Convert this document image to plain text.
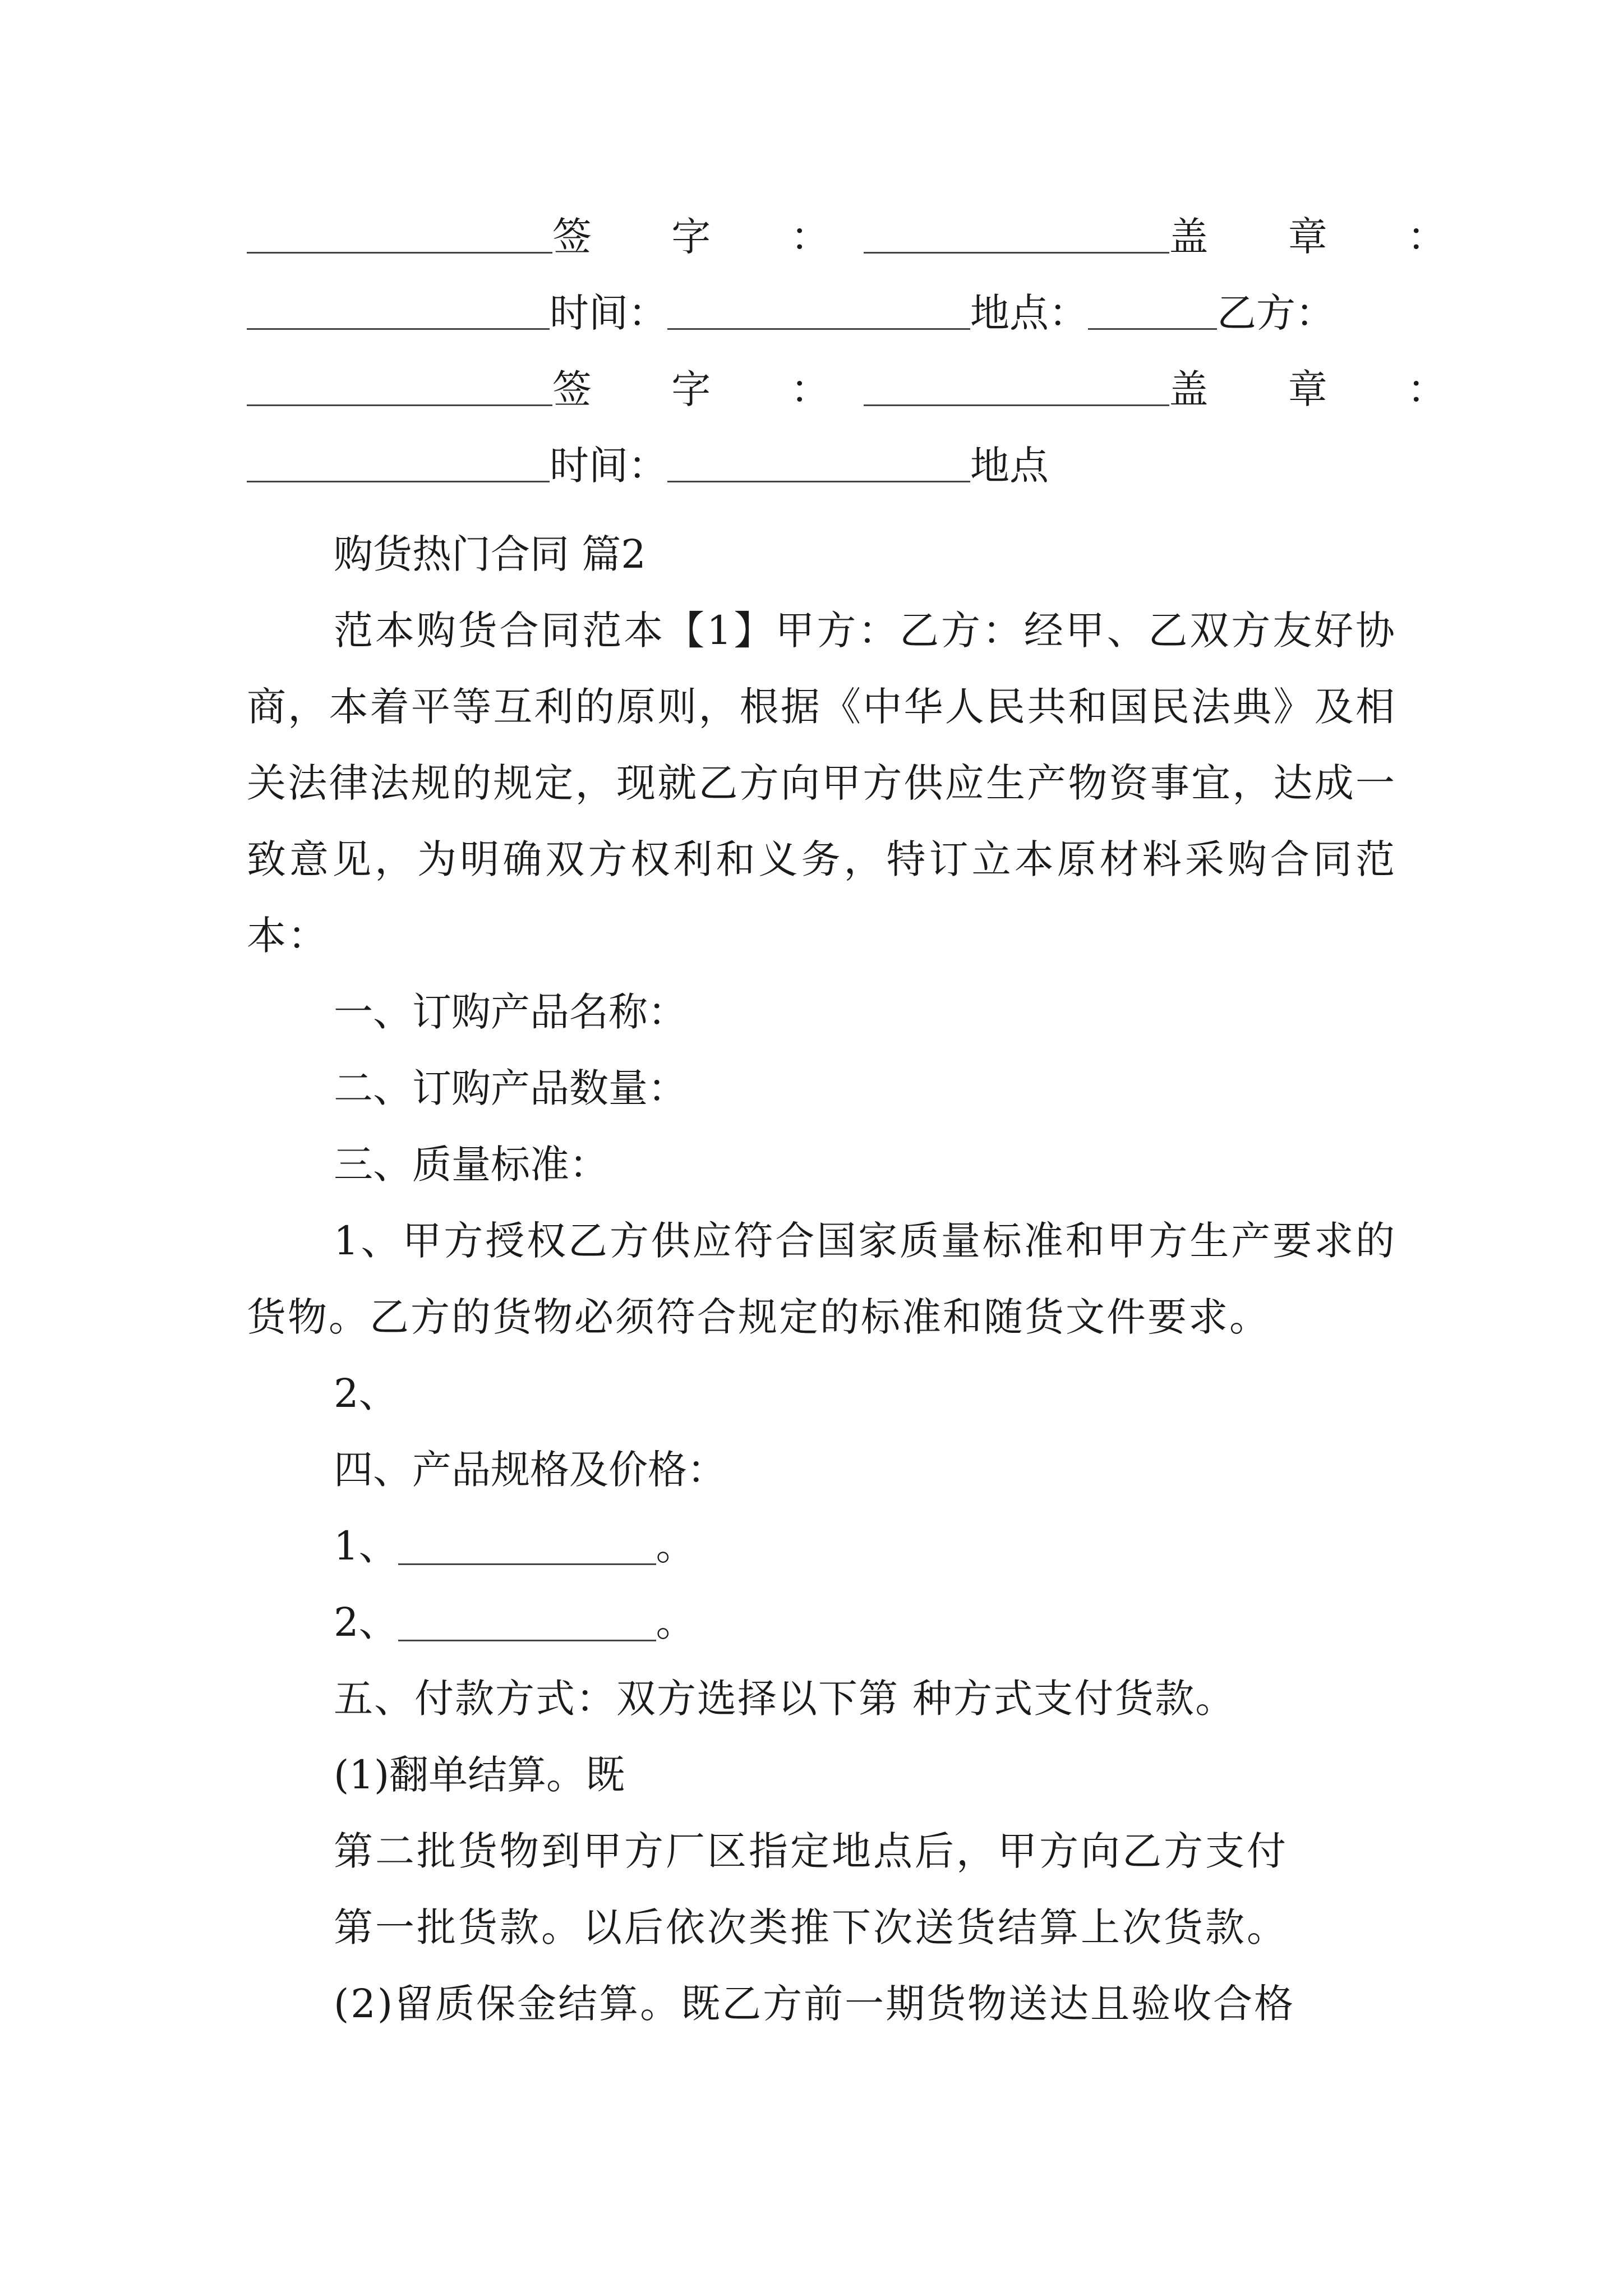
签 字 ：	盖 章 ：
时间：	地点：	乙方：
签 字 ：	盖 章 ：
时间：	地点
购货热门合同 篇2
范本购货合同范本【1】甲方：乙方：经甲、乙双方友好协商，本着平等互利的原则，根据《中华人民共和国民法典》及相关法律法规的规定，现就乙方向甲方供应生产物资事宜，达成一致意见，为明确双方权利和义务，特订立本原材料采购合同范本：
一、订购产品名称：
二、订购产品数量：
三、质量标准：
1、甲方授权乙方供应符合国家质量标准和甲方生产要求的货物。乙方的货物必须符合规定的标准和随货文件要求。
2、
四、产品规格及价格：
1、	。
2、	。
五、付款方式：双方选择以下第 种方式支付货款。
(1)翻单结算。既
第二批货物到甲方厂区指定地点后，甲方向乙方支付
第一批货款。以后依次类推下次送货结算上次货款。
(2)留质保金结算。既乙方前一期货物送达且验收合格
